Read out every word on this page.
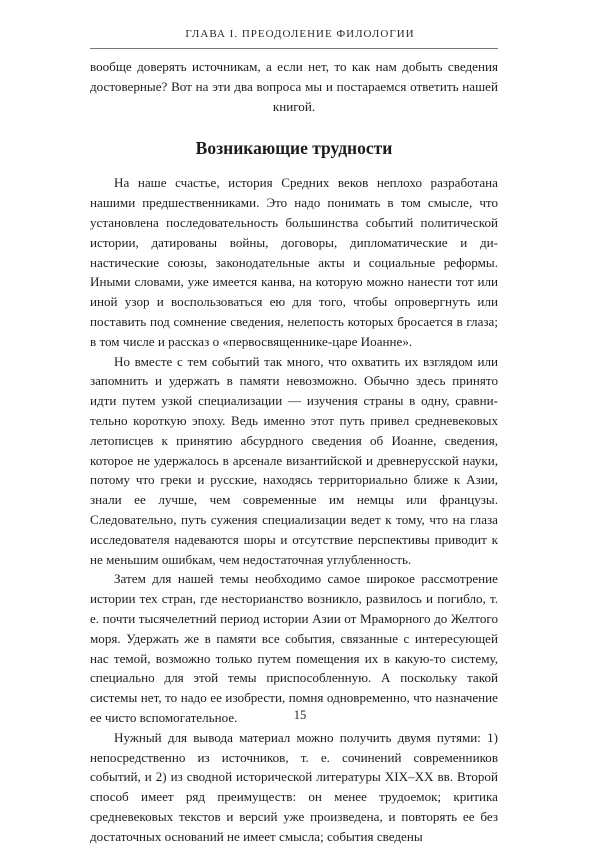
ГЛАВА I. ПРЕОДОЛЕНИЕ ФИЛОЛОГИИ

вообще доверять источникам, а если нет, то как нам добыть сведения достоверные? Вот на эти два вопроса мы и постараемся ответить нашей книгой.

Возникающие трудности

На наше счастье, история Средних веков неплохо разработана нашими предшественниками. Это надо понимать в том смысле, что установлена последовательность большинства событий политической истории, датированы войны, договоры, дипломатические и династические союзы, законодательные акты и социальные реформы. Иными словами, уже имеется канва, на которую можно нанести тот или иной узор и воспользоваться ею для того, чтобы опровергнуть или поставить под сомнение сведения, нелепость которых бросается в глаза; в том числе и рассказ о «первосвященнике-царе Иоанне».

Но вместе с тем событий так много, что охватить их взглядом или запомнить и удержать в памяти невозможно. Обычно здесь принято идти путем узкой специализации — изучения страны в одну, сравнительно короткую эпоху. Ведь именно этот путь привел средневековых летописцев к принятию абсурдного сведения об Иоанне, сведения, которое не удержалось в арсенале византийской и древнерусской науки, потому что греки и русские, находясь территориально ближе к Азии, знали ее лучше, чем современные им немцы или французы. Следовательно, путь сужения специализации ведет к тому, что на глаза исследователя надеваются шоры и отсутствие перспективы приводит к не меньшим ошибкам, чем недостаточная углубленность.

Затем для нашей темы необходимо самое широкое рассмотрение истории тех стран, где несторианство возникло, развилось и погибло, т. е. почти тысячелетний период истории Азии от Мраморного до Желтого моря. Удержать же в памяти все события, связанные с интересующей нас темой, возможно только путем помещения их в какую-то систему, специально для этой темы приспособленную. А поскольку такой системы нет, то надо ее изобрести, помня одновременно, что назначение ее чисто вспомогательное.

Нужный для вывода материал можно получить двумя путями: 1) непосредственно из источников, т. е. сочинений современников событий, и 2) из сводной исторической литературы XIX–XX вв. Второй способ имеет ряд преимуществ: он менее трудоемок; критика средневековых текстов и версий уже произведена, и повторять ее без достаточных оснований не имеет смысла; события сведены

15
